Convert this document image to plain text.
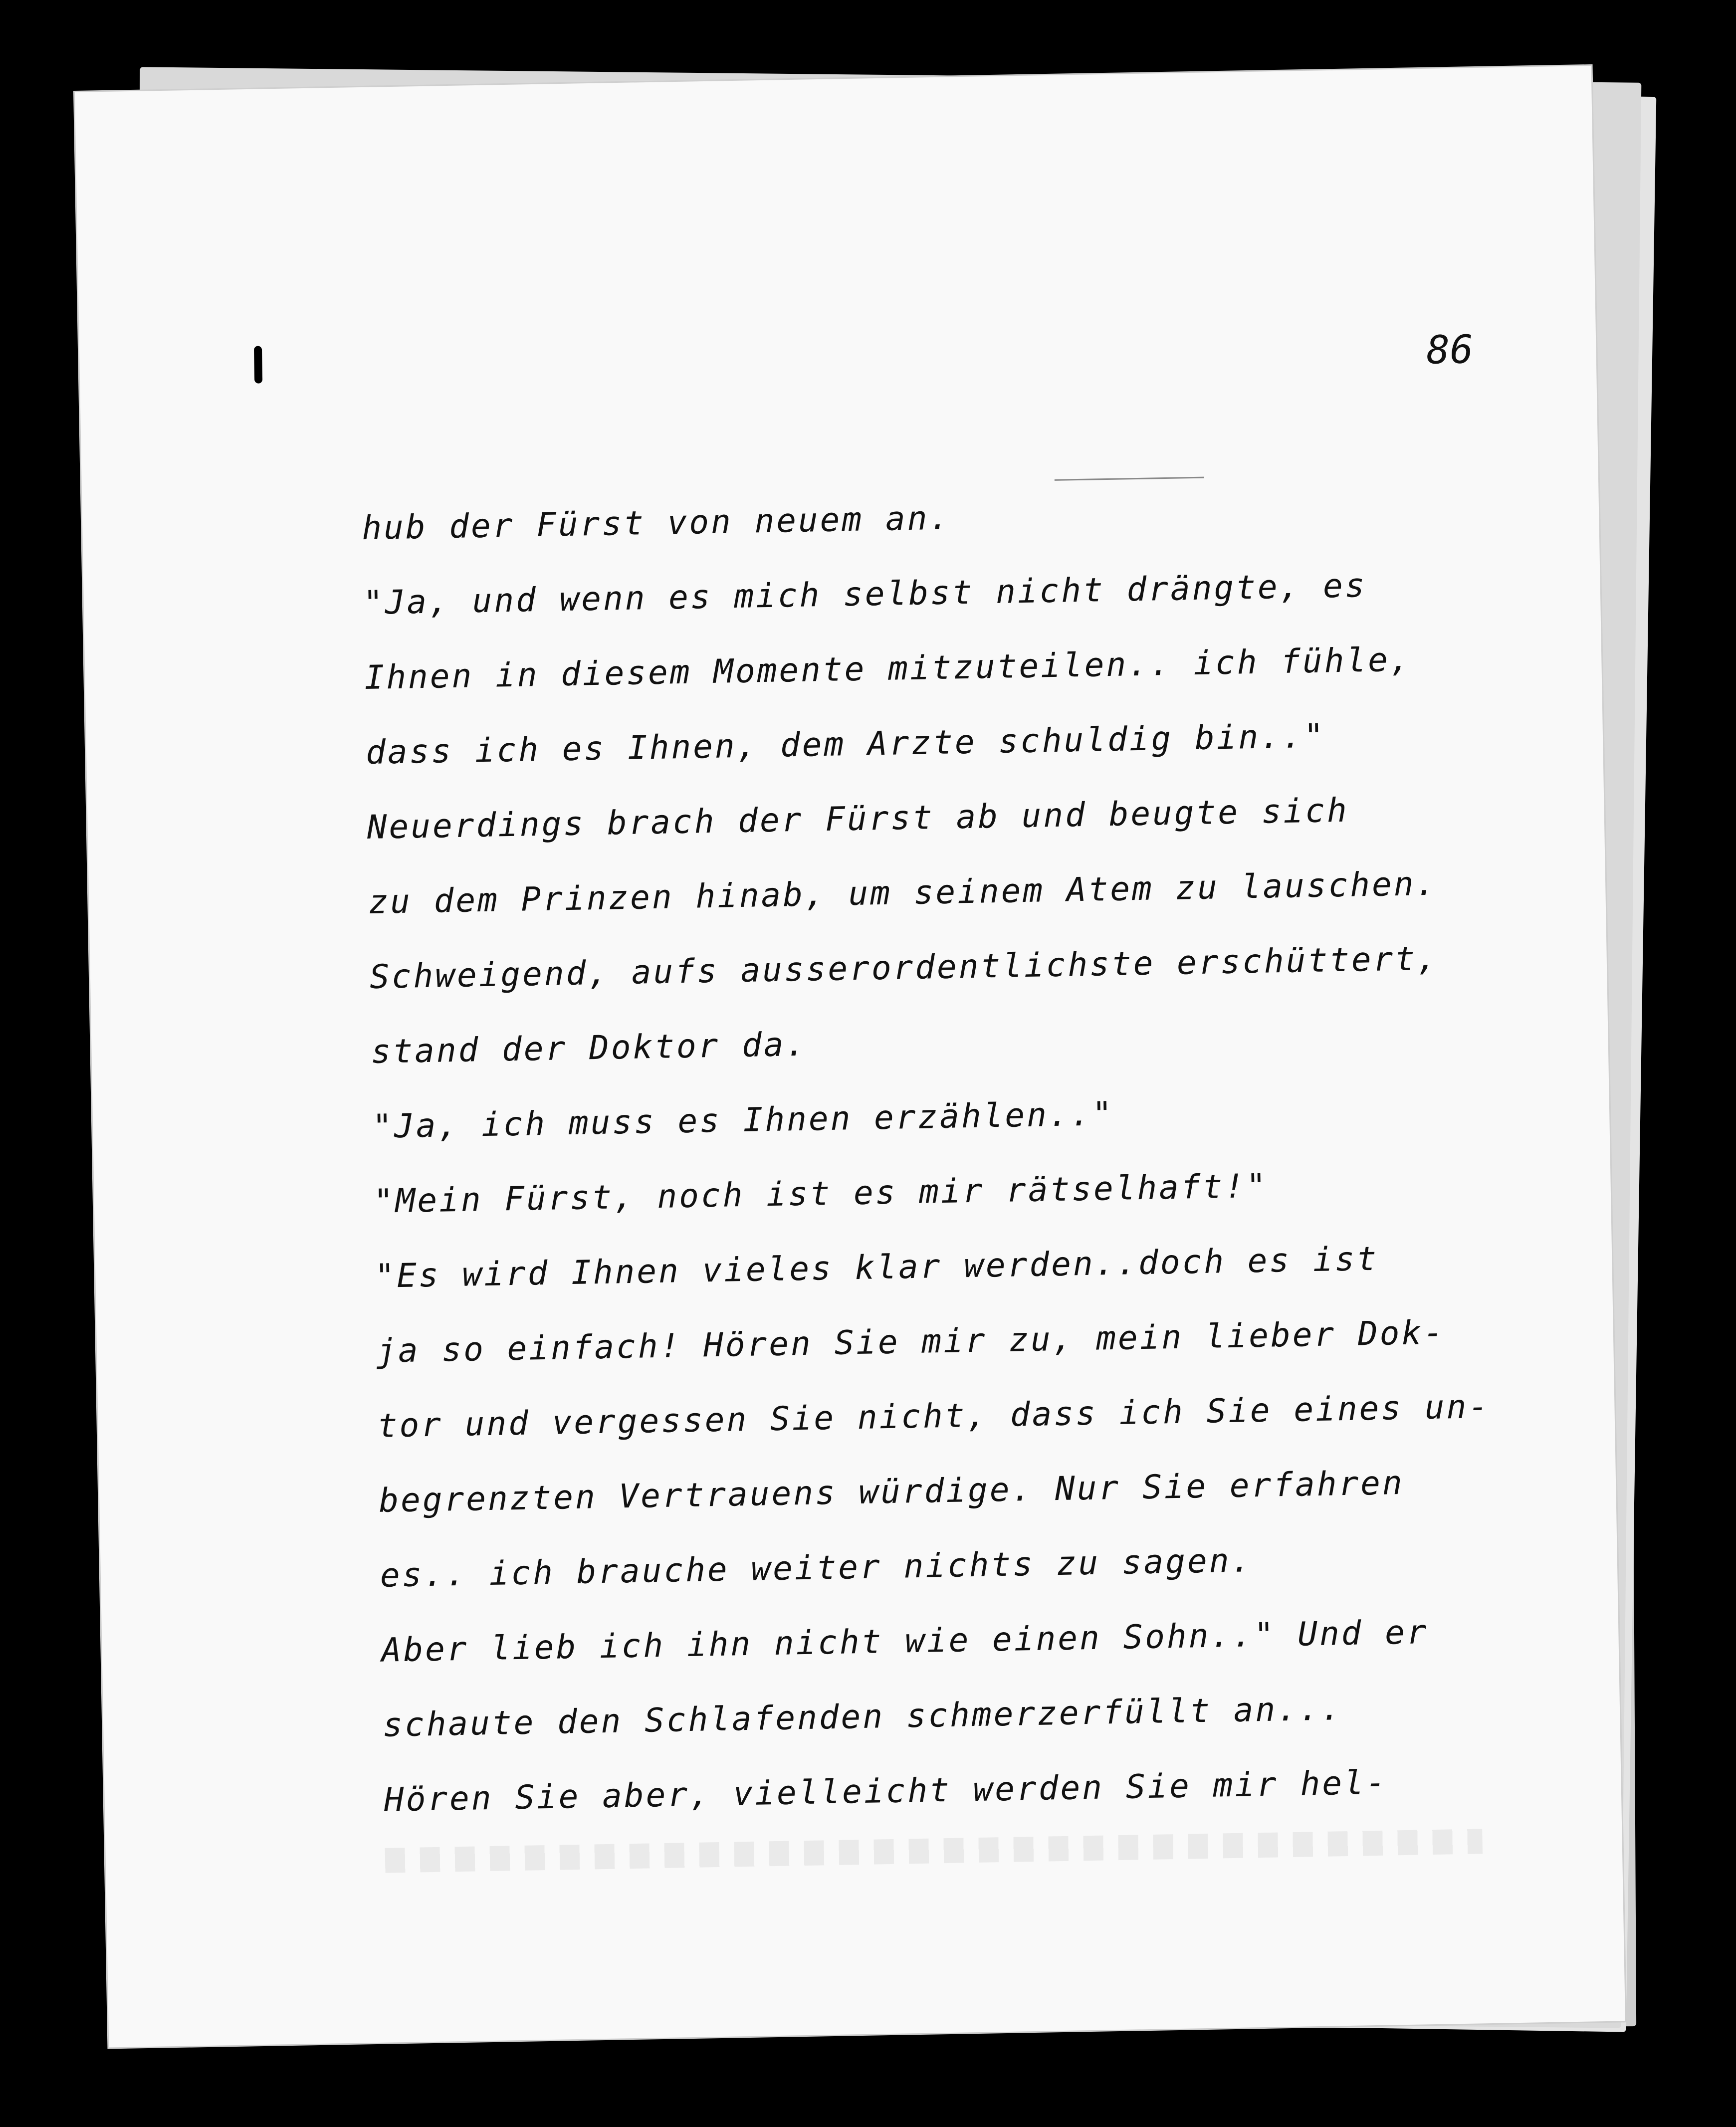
86
hub der Fürst von neuem an.
"Ja, und wenn es mich selbst nicht drängte, es
Ihnen in diesem Momente mitzuteilen.. ich fühle,
dass ich es Ihnen, dem Arzte schuldig bin.."
Neuerdings brach der Fürst ab und beugte sich
zu dem Prinzen hinab, um seinem Atem zu lauschen.
Schweigend, aufs ausserordentlichste erschüttert,
stand der Doktor da.
"Ja, ich muss es Ihnen erzählen.."
"Mein Fürst, noch ist es mir rätselhaft!"
"Es wird Ihnen vieles klar werden..doch es ist
ja so einfach! Hören Sie mir zu, mein lieber Dok-
tor und vergessen Sie nicht, dass ich Sie eines un-
begrenzten Vertrauens würdige. Nur Sie erfahren
es.. ich brauche weiter nichts zu sagen.
Aber lieb ich ihn nicht wie einen Sohn.." Und er
schaute den Schlafenden schmerzerfüllt an...
Hören Sie aber, vielleicht werden Sie mir hel-
